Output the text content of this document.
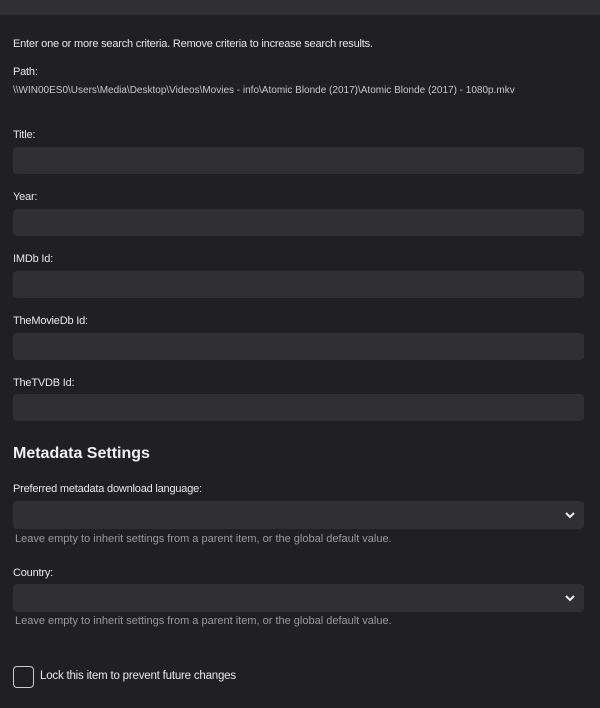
Enter one or more search criteria. Remove criteria to increase search results.
Path:
\\WIN00ES0\Users\Media\Desktop\Videos\Movies - info\Atomic Blonde (2017)\Atomic Blonde (2017) - 1080p.mkv
Title:
Year:
IMDb Id:
TheMovieDb Id:
TheTVDB Id:
Metadata Settings
Preferred metadata download language:
Leave empty to inherit settings from a parent item, or the global default value.
Country:
Leave empty to inherit settings from a parent item, or the global default value.
Lock this item to prevent future changes
